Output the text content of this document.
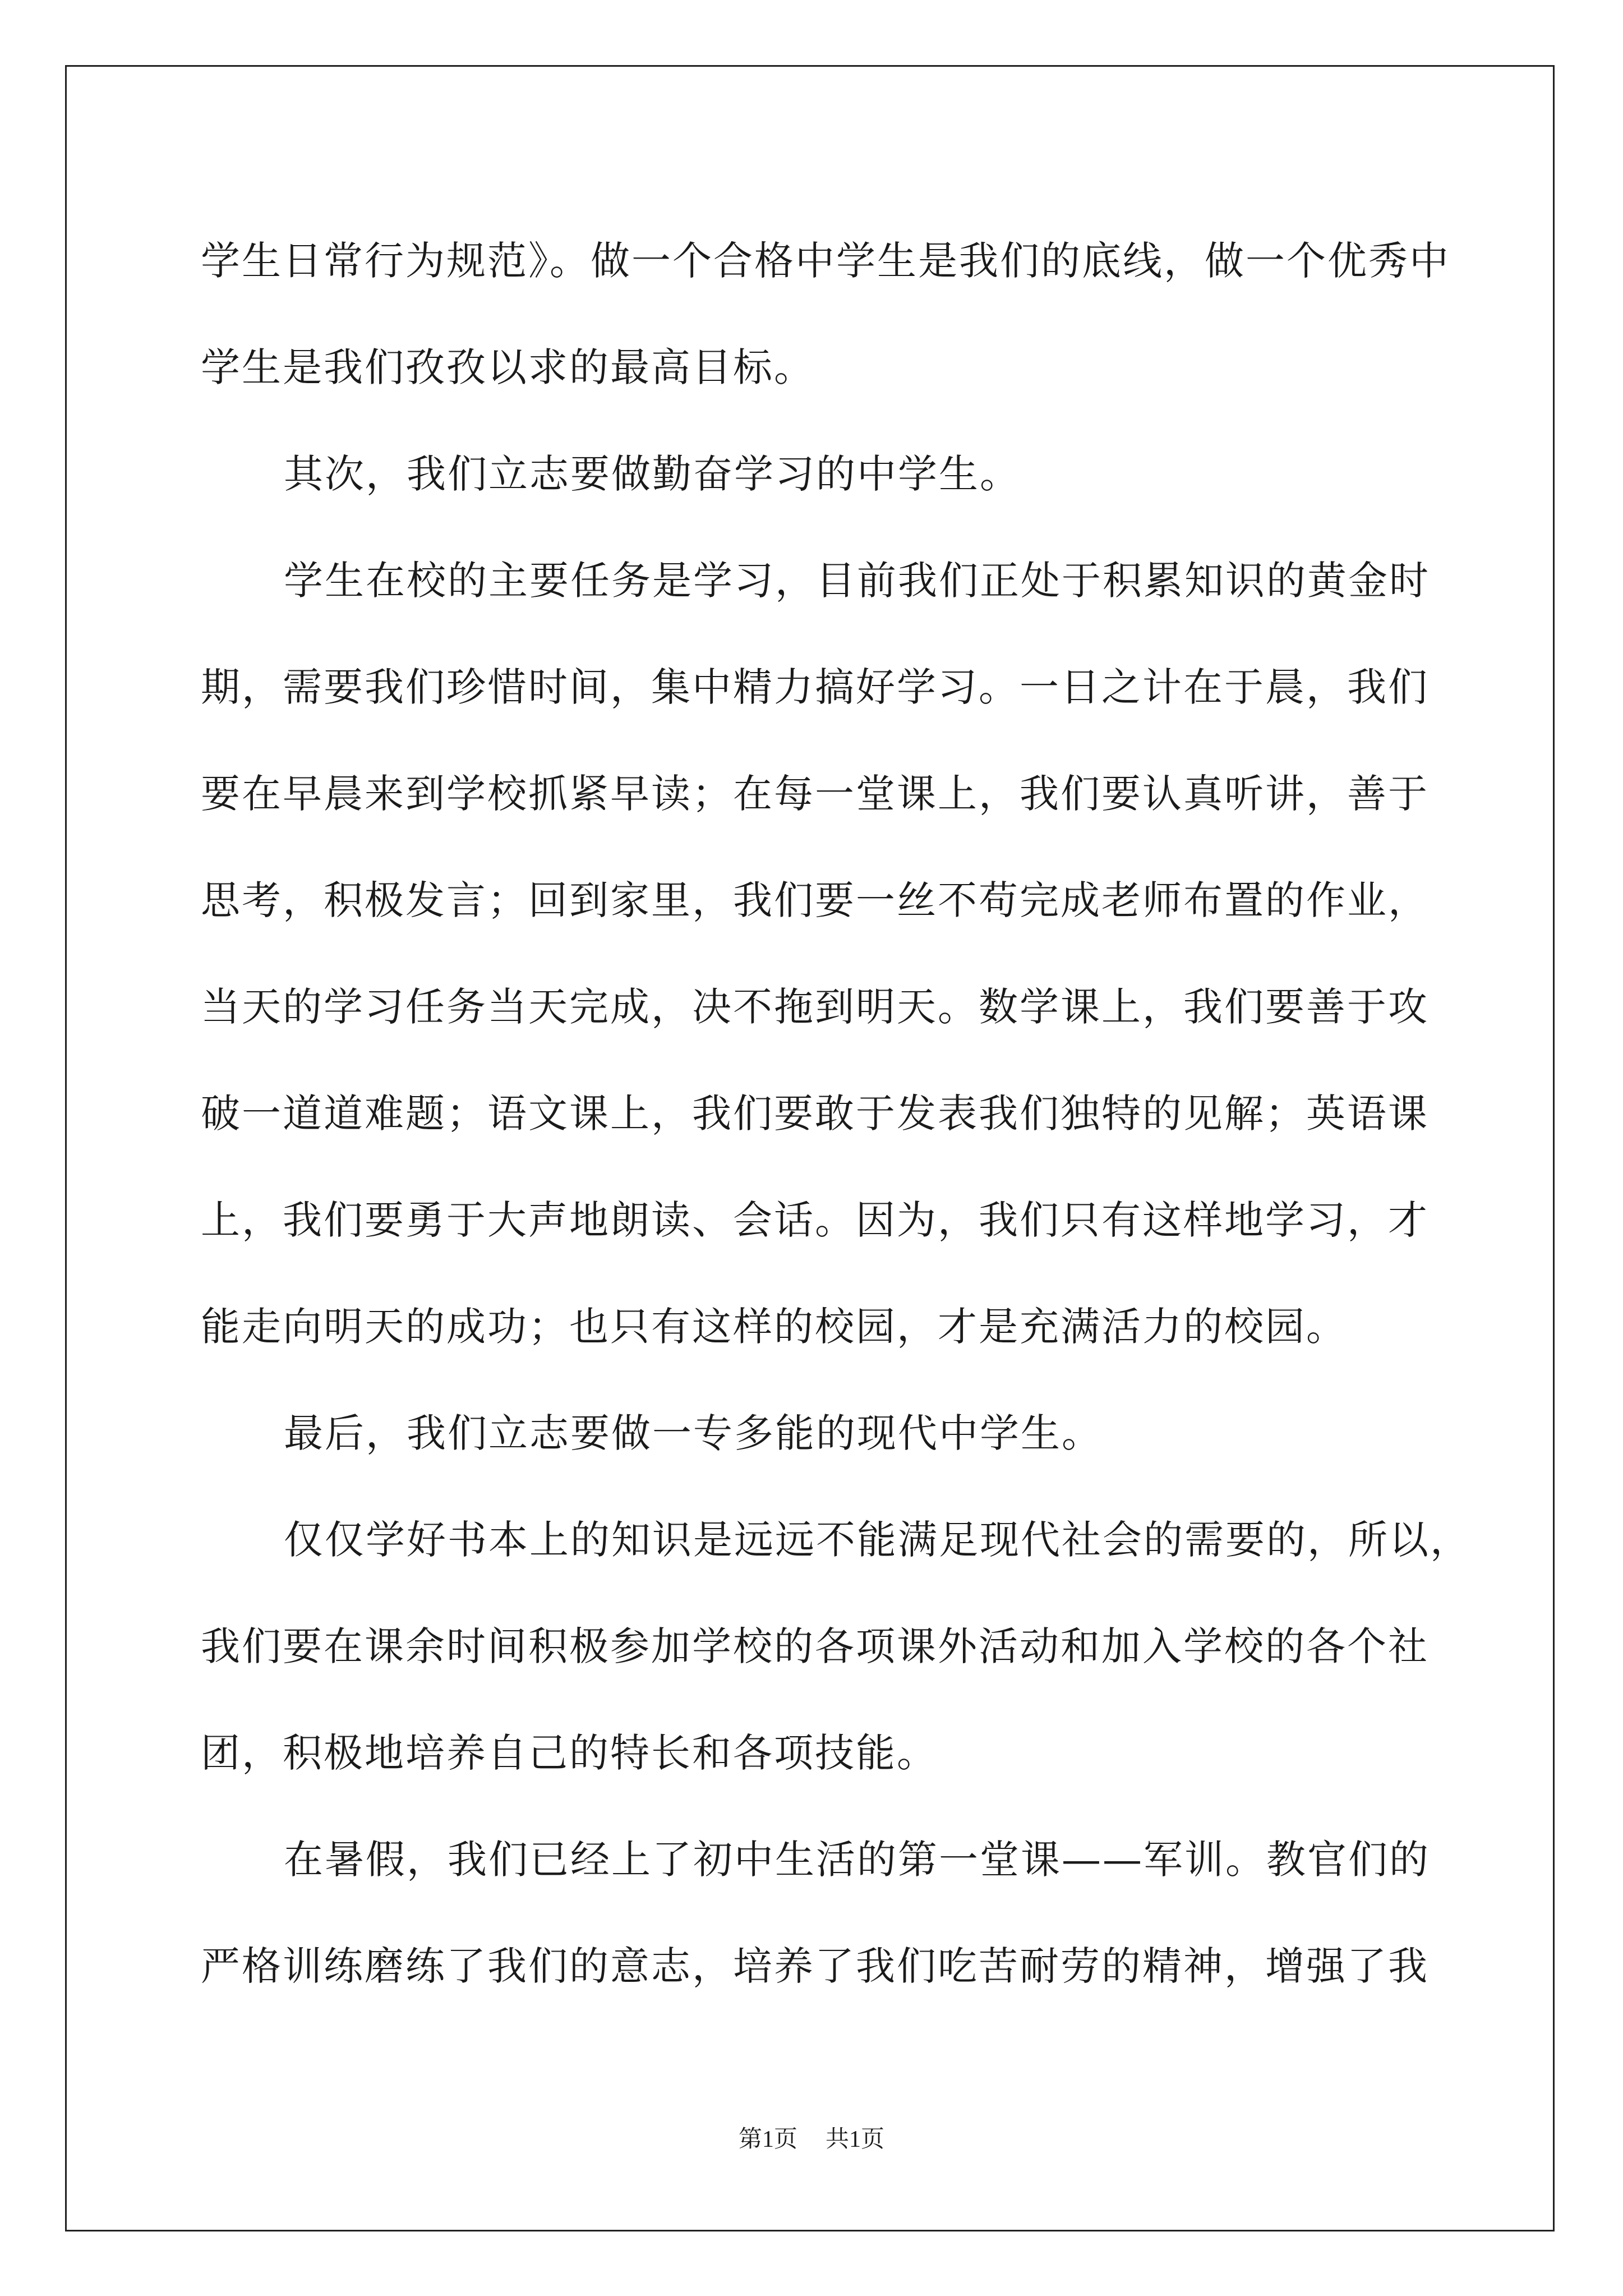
学生日常行为规范》。做一个合格中学生是我们的底线，做一个优秀中
学生是我们孜孜以求的最高目标。
其次，我们立志要做勤奋学习的中学生。
学生在校的主要任务是学习，目前我们正处于积累知识的黄金时
期，需要我们珍惜时间，集中精力搞好学习。一日之计在于晨，我们
要在早晨来到学校抓紧早读；在每一堂课上，我们要认真听讲，善于
思考，积极发言；回到家里，我们要一丝不苟完成老师布置的作业，
当天的学习任务当天完成，决不拖到明天。数学课上，我们要善于攻
破一道道难题；语文课上，我们要敢于发表我们独特的见解；英语课
上，我们要勇于大声地朗读、会话。因为，我们只有这样地学习，才
能走向明天的成功；也只有这样的校园，才是充满活力的校园。
最后，我们立志要做一专多能的现代中学生。
仅仅学好书本上的知识是远远不能满足现代社会的需要的，所以，
我们要在课余时间积极参加学校的各项课外活动和加入学校的各个社
团，积极地培养自己的特长和各项技能。
在暑假，我们已经上了初中生活的第一堂课——军训。教官们的
严格训练磨练了我们的意志，培养了我们吃苦耐劳的精神，增强了我
第1页 共1页
